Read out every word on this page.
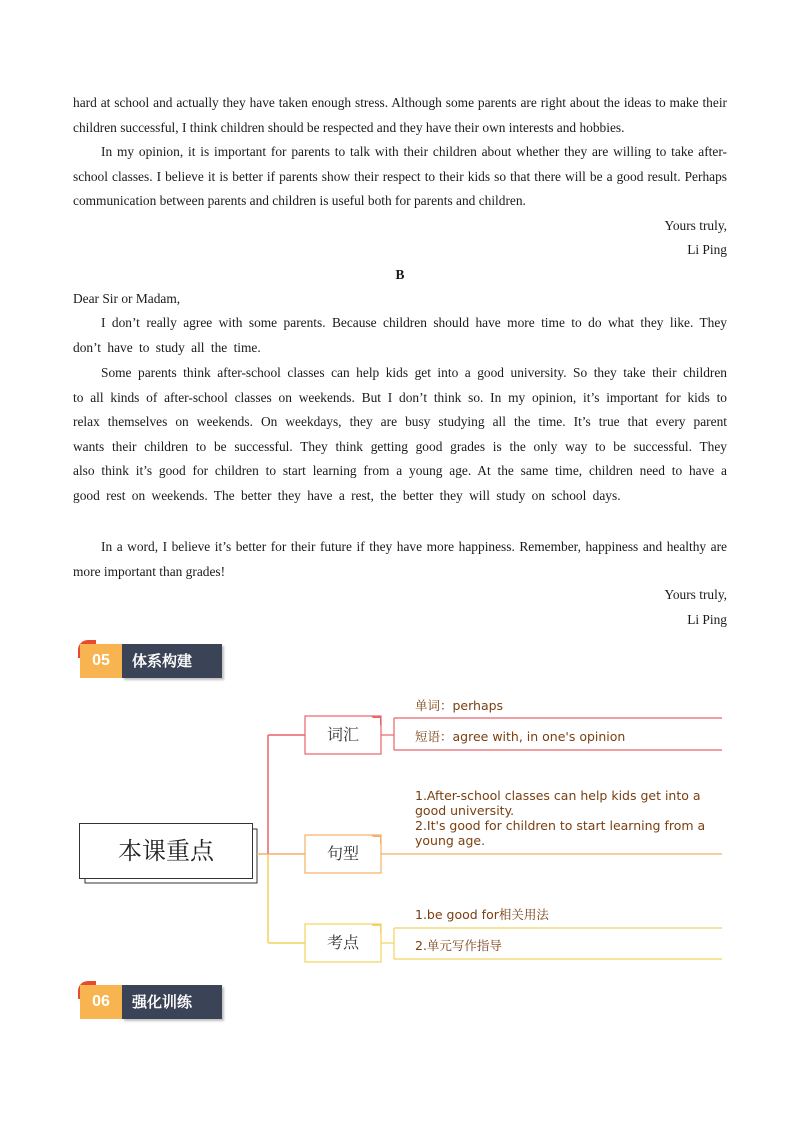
hard at school and actually they have taken enough stress. Although some parents are right about the ideas to make their children successful, I think children should be respected and they have their own interests and hobbies.

In my opinion, it is important for parents to talk with their children about whether they are willing to take after-school classes. I believe it is better if parents show their respect to their kids so that there will be a good result. Perhaps communication between parents and children is useful both for parents and children.

Yours truly,
Li Ping
B

Dear Sir or Madam,

I don’t really agree with some parents. Because children should have more time to do what they like. They don’t have to study all the time.

Some parents think after-school classes can help kids get into a good university. So they take their children to all kinds of after-school classes on weekends. But I don’t think so. In my opinion, it’s important for kids to relax themselves on weekends. On weekdays, they are busy studying all the time. It’s true that every parent wants their children to be successful. They think getting good grades is the only way to be successful. They also think it’s good for children to start learning from a young age. At the same time, children need to have a good rest on weekends. The better they have a rest, the better they will study on school days.

In a word, I believe it’s better for their future if they have more happiness. Remember, happiness and healthy are more important than grades!

Yours truly,
Li Ping
05	体系构建
本课重点
词汇
句型
考点
单词：perhaps
短语：agree with, in one's opinion
1.After-school classes can help kids get into a good university.
2.It's good for children to start learning from a young age.
1.be good for相关用法
2.单元写作指导
06	强化训练
